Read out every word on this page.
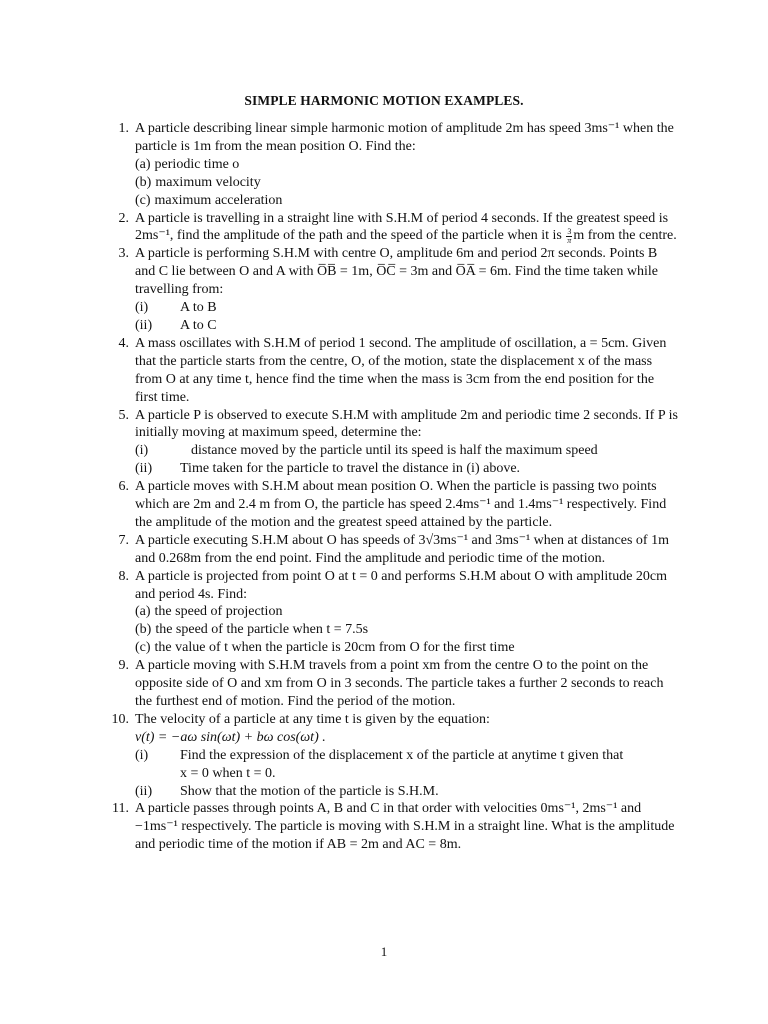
SIMPLE HARMONIC MOTION EXAMPLES.
1. A particle describing linear simple harmonic motion of amplitude 2m has speed 3ms⁻¹ when the particle is 1m from the mean position O. Find the:
(a) periodic time o
(b) maximum velocity
(c) maximum acceleration
2. A particle is travelling in a straight line with S.H.M of period 4 seconds. If the greatest speed is 2ms⁻¹, find the amplitude of the path and the speed of the particle when it is $\frac{3}{\pi}$ m from the centre.
3. A particle is performing S.H.M with centre O, amplitude 6m and period 2π seconds. Points B and C lie between O and A with O̅B̅ = 1m, O̅C̅ = 3m and O̅A̅ = 6m. Find the time taken while travelling from:
(i) A to B
(ii) A to C
4. A mass oscillates with S.H.M of period 1 second. The amplitude of oscillation, a = 5cm. Given that the particle starts from the centre, O, of the motion, state the displacement x of the mass from O at any time t, hence find the time when the mass is 3cm from the end position for the first time.
5. A particle P is observed to execute S.H.M with amplitude 2m and periodic time 2 seconds. If P is initially moving at maximum speed, determine the:
(i)	distance moved by the particle until its speed is half the maximum speed
(ii) Time taken for the particle to travel the distance in (i) above.
6. A particle moves with S.H.M about mean position O. When the particle is passing two points which are 2m and 2.4 m from O, the particle has speed 2.4ms⁻¹ and 1.4ms⁻¹ respectively. Find the amplitude of the motion and the greatest speed attained by the particle.
7. A particle executing S.H.M about O has speeds of 3√3ms⁻¹ and 3ms⁻¹ when at distances of 1m and 0.268m from the end point. Find the amplitude and periodic time of the motion.
8. A particle is projected from point O at t = 0 and performs S.H.M about O with amplitude 20cm and period 4s. Find:
(a) the speed of projection
(b) the speed of the particle when t = 7.5s
(c) the value of t when the particle is 20cm from O for the first time
9. A particle moving with S.H.M travels from a point xm from the centre O to the point on the opposite side of O and xm from O in 3 seconds. The particle takes a further 2 seconds to reach the furthest end of motion. Find the period of the motion.
10. The velocity of a particle at any time t is given by the equation:
v(t) = −aω sin(ωt) + bω cos(ωt) .
(i) Find the expression of the displacement x of the particle at anytime t given that
x = 0 when t = 0.
(ii) Show that the motion of the particle is S.H.M.
11. A particle passes through points A, B and C in that order with velocities 0ms⁻¹, 2ms⁻¹ and −1ms⁻¹ respectively. The particle is moving with S.H.M in a straight line. What is the amplitude and periodic time of the motion if AB = 2m and AC = 8m.
1
